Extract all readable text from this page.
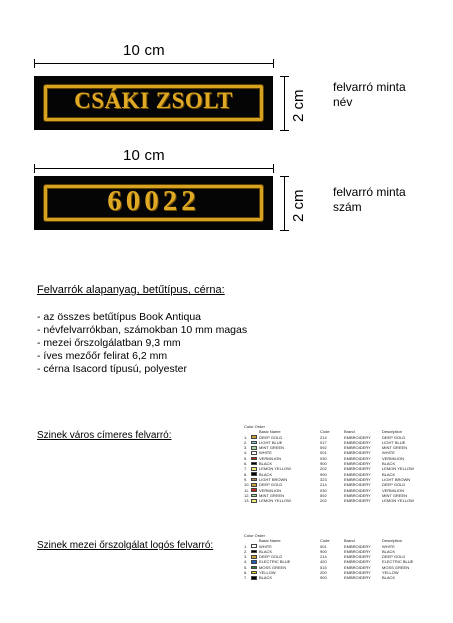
10 cm
CSÁKI ZSOLT	2 cm
felvarró minta
név
10 cm
60022	2 cm felvarró minta
szám
Felvarrók alapanyag, betűtípus, cérna:
- az összes betűtípus Book Antiqua
- névfelvarrókban, számokban 10 mm magas
- mezei őrszolgálatban 9,3 mm
- íves mezőőr felirat 6,2 mm
- cérna Isacord típusú, polyester
Szinek város címeres felvarró:
Color Order
Basic Name	Code	Brand	Description
1.	DEEP GOLD	214	EMBROIDERY	DEEP GOLD
2.	LIGHT BLUE	017	EMBROIDERY	LIGHT BLUE
3.	MINT GREEN	592	EMBROIDERY	MINT GREEN
4.	WHITE	001	EMBROIDERY	WHITE
5.	VERMILION	030	EMBROIDERY	VERMILION
6.	BLACK	900	EMBROIDERY	BLACK
7.	LEMON YELLOW	202	EMBROIDERY	LEMON YELLOW
8.	BLACK	900	EMBROIDERY	BLACK
9.	LIGHT BROWN	323	EMBROIDERY	LIGHT BROWN
10. DEEP GOLD	214	EMBROIDERY	DEEP GOLD
11. VERMILION	030	EMBROIDERY	VERMILION
12. MINT GREEN	592	EMBROIDERY	MINT GREEN
13. LEMON YELLOW	202	EMBROIDERY	LEMON YELLOW
Szinek mezei őrszolgálat logós felvarró:
Color Order
Basic Name	Code	Brand	Description
1.	WHITE	001	EMBROIDERY	WHITE
2.	BLACK	900	EMBROIDERY	BLACK
3.	DEEP GOLD	214	EMBROIDERY	DEEP GOLD
4.	ELECTRIC BLUE	420	EMBROIDERY	ELECTRIC BLUE
5.	MOSS GREEN	515	EMBROIDERY	MOSS GREEN
6.	YELLOW	200	EMBROIDERY	YELLOW
7.	BLACK	900	EMBROIDERY	BLACK
